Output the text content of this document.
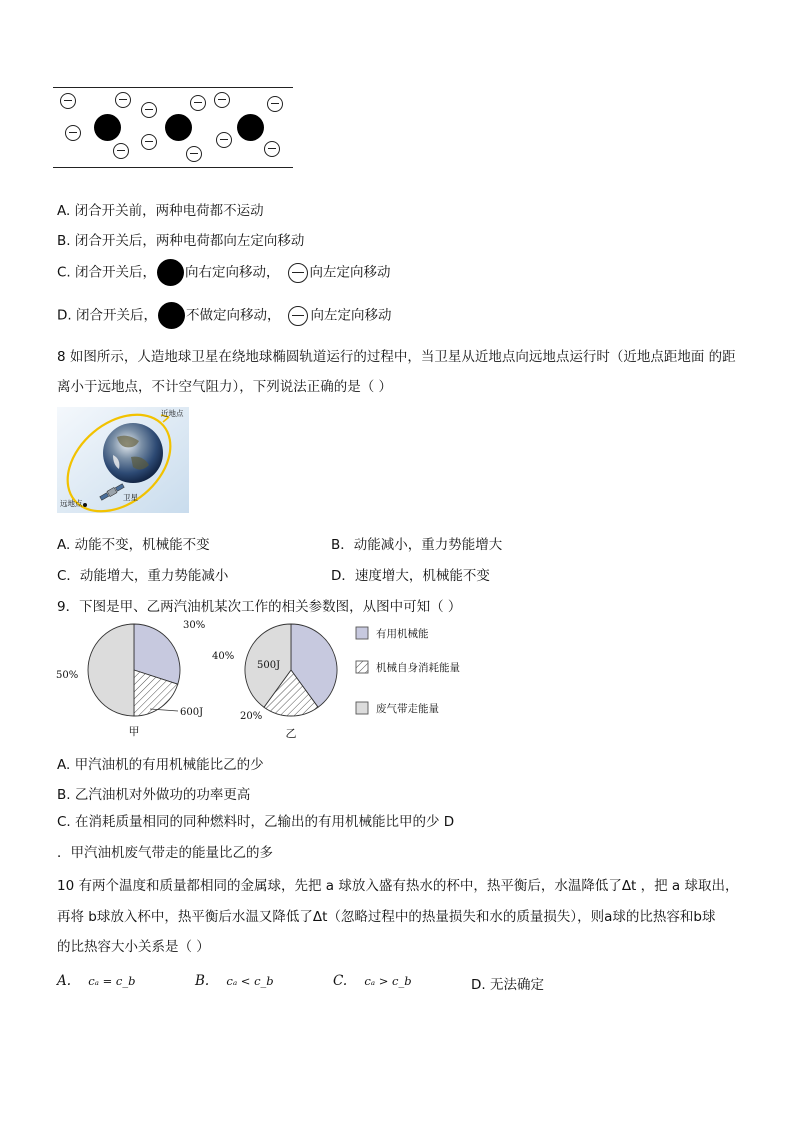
A. 闭合开关前，两种电荷都不运动
B. 闭合开关后，两种电荷都向左定向移动
C. 闭合开关后， 向右定向移动， 向左定向移动
D. 闭合开关后， 不做定向移动， 向左定向移动
8 如图所示，人造地球卫星在绕地球椭圆轨道运行的过程中，当卫星从近地点向远地点运行时（近地点距地面 的距
离小于远地点，不计空气阻力），下列说法正确的是（ ）
近地点
远地点
卫星
A. 动能不变，机械能不变	B．动能减小，重力势能增大
C．动能增大，重力势能减小	D．速度增大，机械能不变
9．下图是甲、乙两汽油机某次工作的相关参数图，从图中可知（ ）
30%
600J
50%
甲
20%
40%
500J
乙
有用机械能
机械自身消耗能量
废气带走能量
A. 甲汽油机的有用机械能比乙的少
B. 乙汽油机对外做功的功率更高
C. 在消耗质量相同的同种燃料时，乙输出的有用机械能比甲的少 D
．甲汽油机废气带走的能量比乙的多
10 有两个温度和质量都相同的金属球，先把 a 球放入盛有热水的杯中，热平衡后，水温降低了Δt ，把 a 球取出，
再将 b球放入杯中，热平衡后水温又降低了Δt（忽略过程中的热量损失和水的质量损失），则a球的比热容和b球
的比热容大小关系是（ ）
A. cₐ = c_b	B. cₐ < c_b	C. cₐ > c_b	D. 无法确定
